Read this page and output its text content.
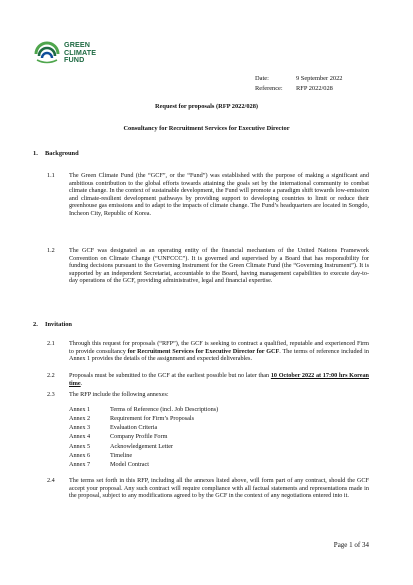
GREEN
CLIMATE
FUND
Date:	9 September 2022
Reference:	RFP 2022/028
Request for proposals (RFP 2022/028)
Consultancy for Recruitment Services for Executive Director
1.	Background
1.1	The Green Climate Fund (the “GCF”, or the “Fund”) was established with the purpose of making a significant and ambitious contribution to the global efforts towards attaining the goals set by the international community to combat climate change. In the context of sustainable development, the Fund will promote a paradigm shift towards low-emission and climate-resilient development pathways by providing support to developing countries to limit or reduce their greenhouse gas emissions and to adapt to the impacts of climate change. The Fund’s headquarters are located in Songdo, Incheon City, Republic of Korea.
1.2	The GCF was designated as an operating entity of the financial mechanism of the United Nations Framework Convention on Climate Change (“UNFCCC”). It is governed and supervised by a Board that has responsibility for funding decisions pursuant to the Governing Instrument for the Green Climate Fund (the “Governing Instrument”). It is supported by an independent Secretariat, accountable to the Board, having management capabilities to execute day-to-day operations of the GCF, providing administrative, legal and financial expertise.
2.	Invitation
2.1	Through this request for proposals (“RFP”), the GCF is seeking to contract a qualified, reputable and experienced Firm to provide consultancy for Recruitment Services for Executive Director for GCF. The terms of reference included in Annex 1 provides the details of the assignment and expected deliverables.
2.2	Proposals must be submitted to the GCF at the earliest possible but no later than 10 October 2022 at 17:00 hrs Korean time.
2.3	The RFP include the following annexes:
Annex 1	Terms of Reference (incl. Job Descriptions)
Annex 2	Requirement for Firm’s Proposals
Annex 3	Evaluation Criteria
Annex 4	Company Profile Form
Annex 5	Acknowledgement Letter
Annex 6	Timeline
Annex 7	Model Contract
2.4	The terms set forth in this RFP, including all the annexes listed above, will form part of any contract, should the GCF accept your proposal. Any such contract will require compliance with all factual statements and representations made in the proposal, subject to any modifications agreed to by the GCF in the context of any negotiations entered into it.
Page 1 of 34
